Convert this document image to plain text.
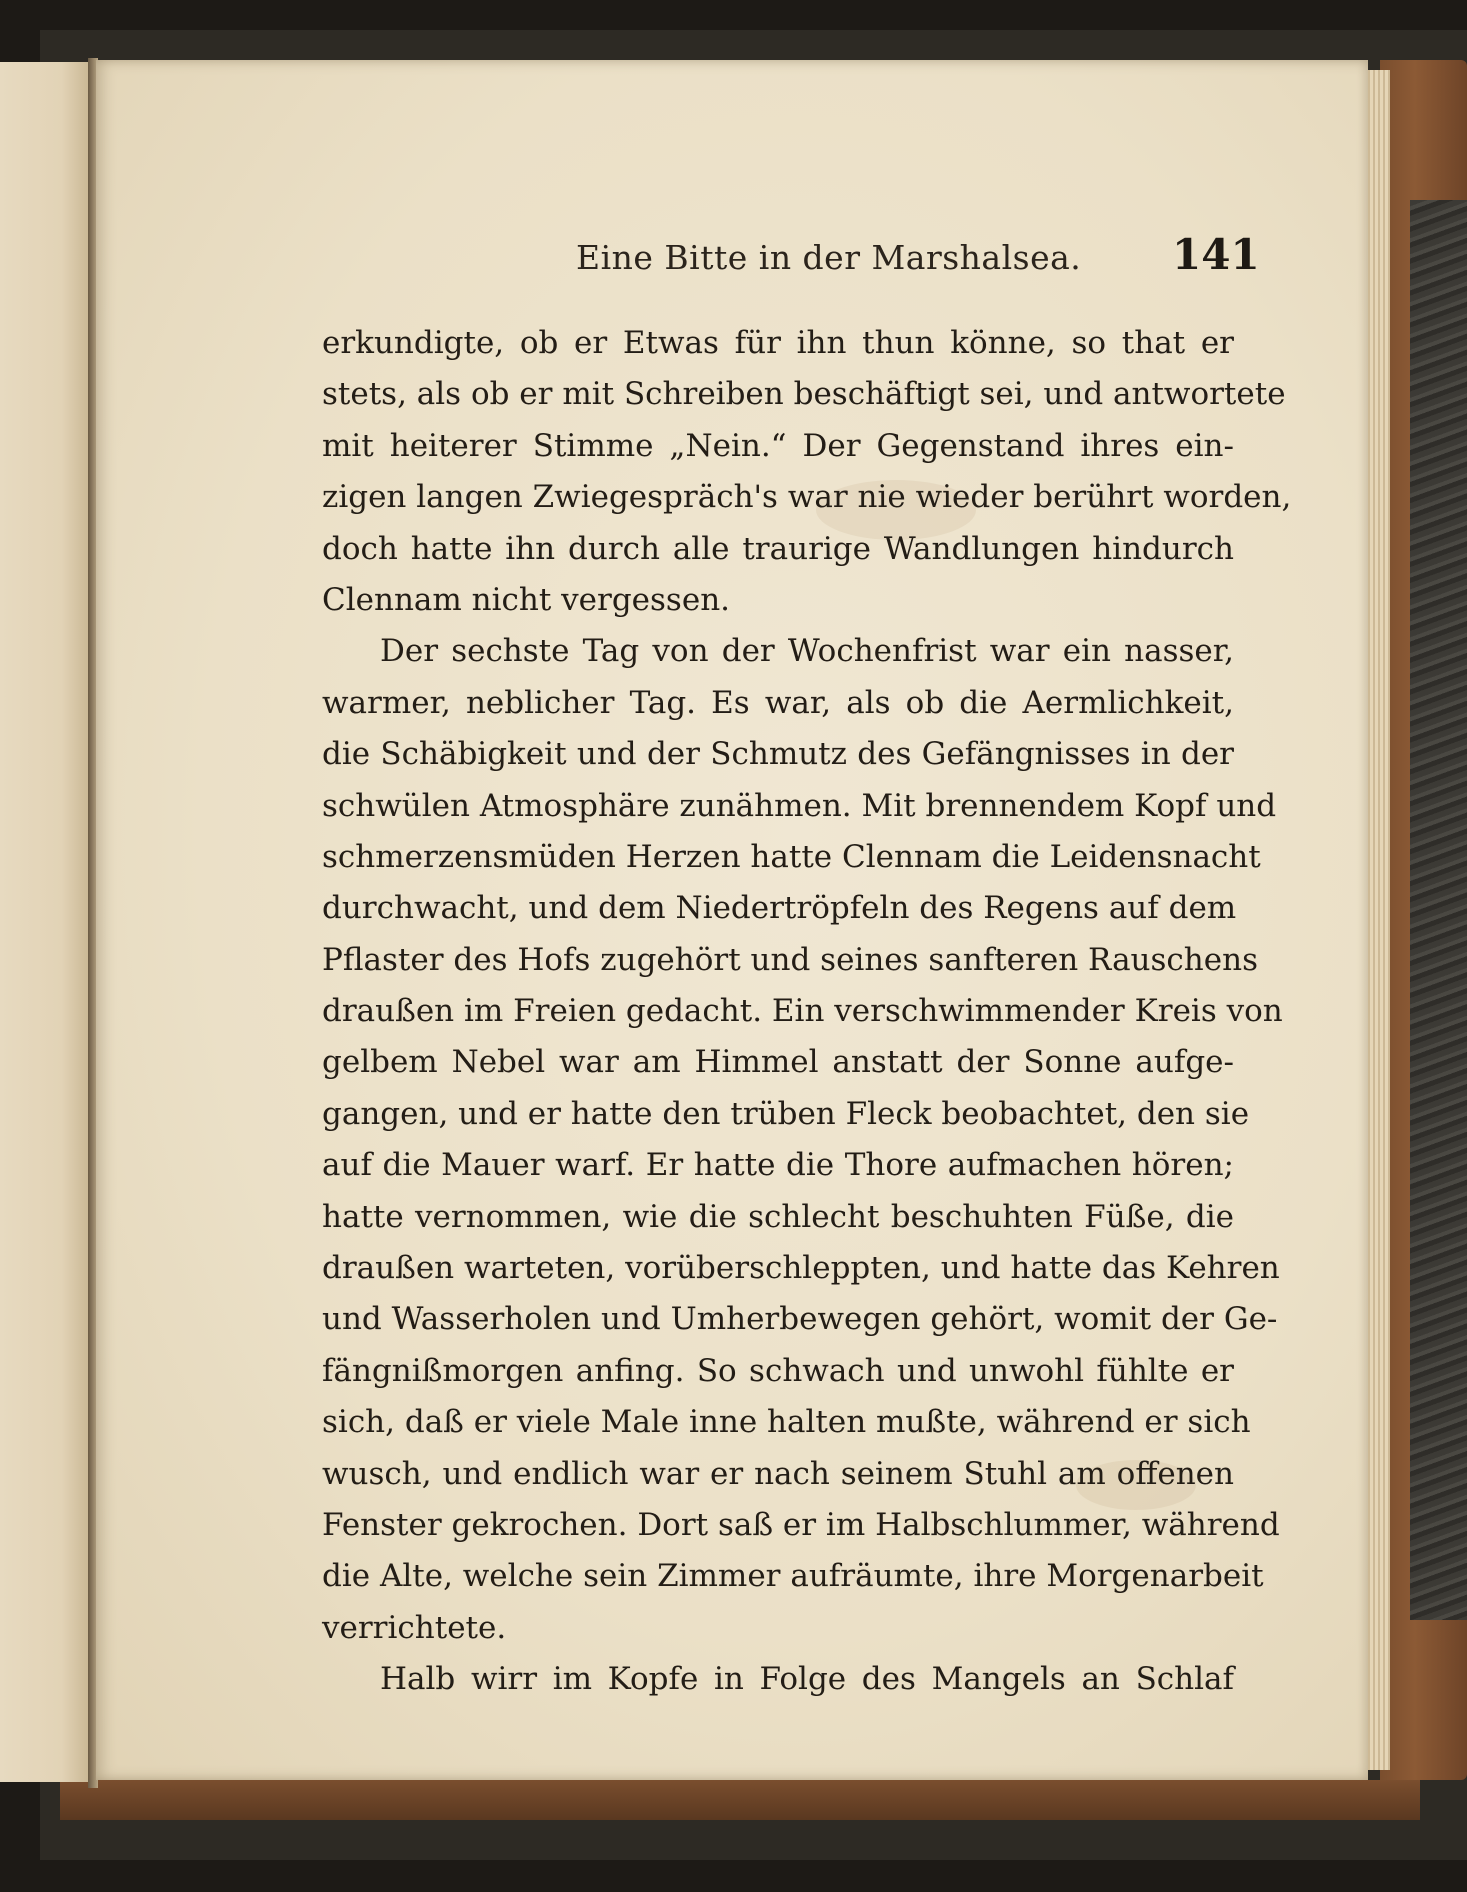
Eine Bitte in der Marshalsea. 141
erkundigte, ob er Etwas für ihn thun könne, so that er
stets, als ob er mit Schreiben beschäftigt sei, und antwortete
mit heiterer Stimme „Nein.“ Der Gegenstand ihres ein-
zigen langen Zwiegespräch's war nie wieder berührt worden,
doch hatte ihn durch alle traurige Wandlungen hindurch
Clennam nicht vergessen.
Der sechste Tag von der Wochenfrist war ein nasser,
warmer, neblicher Tag. Es war, als ob die Aermlichkeit,
die Schäbigkeit und der Schmutz des Gefängnisses in der
schwülen Atmosphäre zunähmen. Mit brennendem Kopf und
schmerzensmüden Herzen hatte Clennam die Leidensnacht
durchwacht, und dem Niedertröpfeln des Regens auf dem
Pflaster des Hofs zugehört und seines sanfteren Rauschens
draußen im Freien gedacht. Ein verschwimmender Kreis von
gelbem Nebel war am Himmel anstatt der Sonne aufge-
gangen, und er hatte den trüben Fleck beobachtet, den sie
auf die Mauer warf. Er hatte die Thore aufmachen hören;
hatte vernommen, wie die schlecht beschuhten Füße, die
draußen warteten, vorüberschleppten, und hatte das Kehren
und Wasserholen und Umherbewegen gehört, womit der Ge-
fängnißmorgen anfing. So schwach und unwohl fühlte er
sich, daß er viele Male inne halten mußte, während er sich
wusch, und endlich war er nach seinem Stuhl am offenen
Fenster gekrochen. Dort saß er im Halbschlummer, während
die Alte, welche sein Zimmer aufräumte, ihre Morgenarbeit
verrichtete.
Halb wirr im Kopfe in Folge des Mangels an Schlaf
